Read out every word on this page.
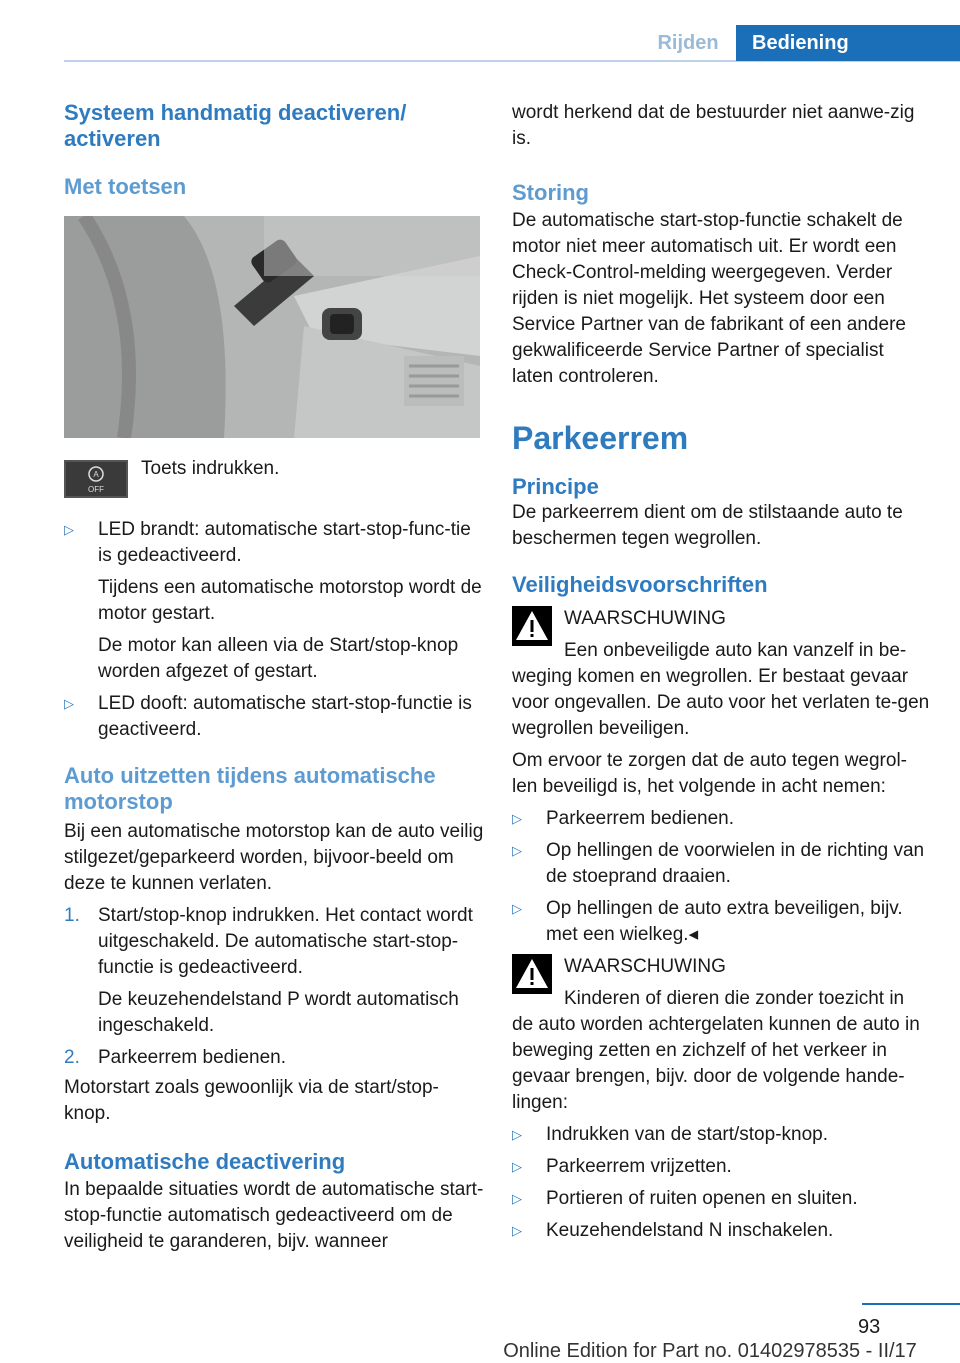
Rijden	Bediening
Systeem handmatig deactiveren/
activeren
Met toetsen
A
OFF
Toets indrukken.
▷	LED brandt: automatische start-stop-func-tie is gedeactiveerd.
Tijdens een automatische motorstop wordt de motor gestart.
De motor kan alleen via de Start/stop-knop worden afgezet of gestart.
▷	LED dooft: automatische start-stop-functie is geactiveerd.
Auto uitzetten tijdens automatische motorstop
Bij een automatische motorstop kan de auto veilig stilgezet/geparkeerd worden, bijvoor-beeld om deze te kunnen verlaten.
1. Start/stop-knop indrukken. Het contact wordt uitgeschakeld. De automatische start-stop-functie is gedeactiveerd.
De keuzehendelstand P wordt automatisch ingeschakeld.
2. Parkeerrem bedienen.
Motorstart zoals gewoonlijk via de start/stop-knop.
Automatische deactivering
In bepaalde situaties wordt de automatische start-stop-functie automatisch gedeactiveerd om de veiligheid te garanderen, bijv. wanneer
wordt herkend dat de bestuurder niet aanwe-zig is.
Storing
De automatische start-stop-functie schakelt de motor niet meer automatisch uit. Er wordt een Check-Control-melding weergegeven. Verder rijden is niet mogelijk. Het systeem door een Service Partner van de fabrikant of een andere gekwalificeerde Service Partner of specialist laten controleren.
Parkeerrem
Principe
De parkeerrem dient om de stilstaande auto te beschermen tegen wegrollen.
Veiligheidsvoorschriften
WAARSCHUWING
Een onbeveiligde auto kan vanzelf in be-
weging komen en wegrollen. Er bestaat gevaar voor ongevallen. De auto voor het verlaten te-gen wegrollen beveiligen.
Om ervoor te zorgen dat de auto tegen wegrol-len beveiligd is, het volgende in acht nemen:
▷	Parkeerrem bedienen.
▷	Op hellingen de voorwielen in de richting van de stoeprand draaien.
▷	Op hellingen de auto extra beveiligen, bijv. met een wielkeg.◂
WAARSCHUWING
Kinderen of dieren die zonder toezicht in
de auto worden achtergelaten kunnen de auto in beweging zetten en zichzelf of het verkeer in gevaar brengen, bijv. door de volgende hande-lingen:
▷	Indrukken van de start/stop-knop.
▷	Parkeerrem vrijzetten.
▷	Portieren of ruiten openen en sluiten.
▷	Keuzehendelstand N inschakelen.
93
Online Edition for Part no. 01402978535 - II/17
